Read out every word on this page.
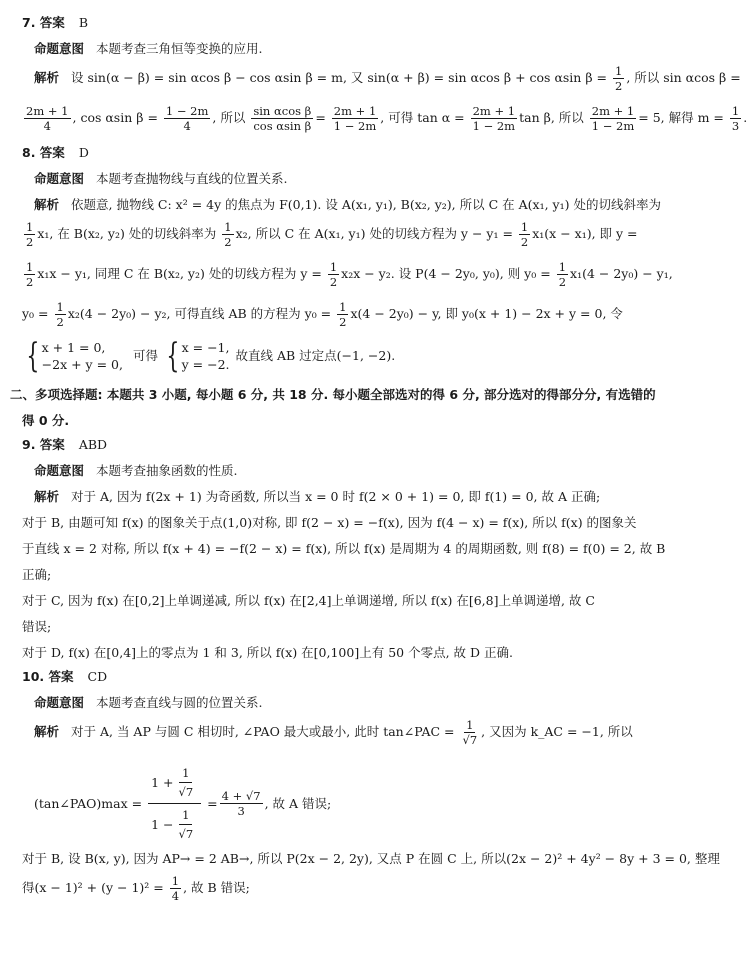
7. 答案 B
命题意图 本题考查三角恒等变换的应用.
解析 设 sin(α − β) = sin αcos β − cos αsin β = m, 又 sin(α + β) = sin αcos β + cos αsin $\beta = \frac{1}{2}$ , 所以 sin αcos β =
$\frac{2m + 1}{4}$ , cos αsin $\beta = \frac{1 - 2m}{4}$ , 所以 $\frac{\text{sin αcos β}}{\text{cos αsin β}} = \frac{2m + 1}{1 - 2m}$ , 可得 $\tan \alpha = \frac{2m + 1}{1 - 2m}$ tan β, 所以 $\frac{2m + 1}{1 - 2m} = 5$, 解得 $m = \frac{1}{3}$ .
8. 答案 D
命题意图 本题考查抛物线与直线的位置关系.
解析 依题意, 抛物线 C: x² = 4y 的焦点为 F(0,1). 设 A(x₁, y₁), B(x₂, y₂), 所以 C 在 A(x₁, y₁) 处的切线斜率为
$\frac{1}{2} x_1$, 在 B(x₂, y₂) 处的切线斜率为 $\frac{1}{2} x_2$, 所以 C 在 A(x₁, y₁) 处的切线方程为 $y - y_1 = \frac{1}{2} x_1(x - x_1)$, 即 y =
$\frac{1}{2} x_1x - y_1$, 同理 C 在 B(x₂, y₂) 处的切线方程为 $y = \frac{1}{2} x_2x - y_2$. 设 P(4 − 2y₀, y₀), 则 $y_0 = \frac{1}{2} x_1(4 - 2y_0) - y_1$,
$y_0 = \frac{1}{2} x_2(4 - 2y_0) - y_2$, 可得直线 AB 的方程为 $y_0 = \frac{1}{2} x(4 - 2y_0) - y$, 即 y₀(x + 1) − 2x + y = 0, 令
{ x + 1 = 0,
−2x + y = 0,
可得 { x = −1,
y = −2.
故直线 AB 过定点(−1, −2).
二、多项选择题: 本题共 3 小题, 每小题 6 分, 共 18 分. 每小题全部选对的得 6 分, 部分选对的得部分分, 有选错的
得 0 分.
9. 答案 ABD
命题意图 本题考查抽象函数的性质.
解析 对于 A, 因为 f(2x + 1) 为奇函数, 所以当 x = 0 时 f(2 × 0 + 1) = 0, 即 f(1) = 0, 故 A 正确;
对于 B, 由题可知 f(x) 的图象关于点(1,0)对称, 即 f(2 − x) = −f(x), 因为 f(4 − x) = f(x), 所以 f(x) 的图象关
于直线 x = 2 对称, 所以 f(x + 4) = −f(2 − x) = f(x), 所以 f(x) 是周期为 4 的周期函数, 则 f(8) = f(0) = 2, 故 B
正确;
对于 C, 因为 f(x) 在[0,2]上单调递减, 所以 f(x) 在[2,4]上单调递增, 所以 f(x) 在[6,8]上单调递增, 故 C
错误;
对于 D, f(x) 在[0,4]上的零点为 1 和 3, 所以 f(x) 在[0,100]上有 50 个零点, 故 D 正确.
10. 答案 CD
命题意图 本题考查直线与圆的位置关系.
解析 对于 A, 当 AP 与圆 C 相切时, ∠PAO 最大或最小, 此时 tan∠PAC = $\frac{1}{√7}$ , 又因为 k_AC = −1, 所以
(tan∠PAO)max = $\frac{1 + \frac{1}{√7}}{1 - \frac{1}{√7}} = \frac{4 + √7}{3}$ , 故 A 错误;
对于 B, 设 B(x, y), 因为 AP→ = 2 AB→, 所以 P(2x − 2, 2y), 又点 P 在圆 C 上, 所以(2x − 2)² + 4y² − 8y + 3 = 0, 整理
得$(x - 1)^2 + (y - 1)^2 = \frac{1}{4}$ , 故 B 错误;
